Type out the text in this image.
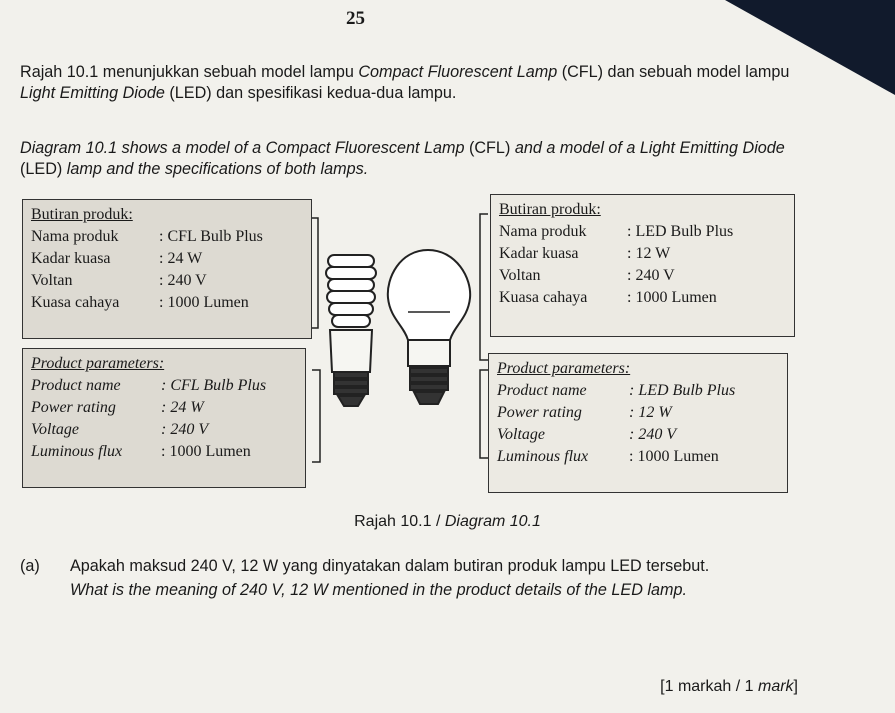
25
Rajah 10.1 menunjukkan sebuah model lampu Compact Fluorescent Lamp (CFL) dan sebuah model lampu Light Emitting Diode (LED) dan spesifikasi kedua-dua lampu.
Diagram 10.1 shows a model of a Compact Fluorescent Lamp (CFL) and a model of a Light Emitting Diode (LED) lamp and the specifications of both lamps.
Butiran produk:
Nama produk	: CFL Bulb Plus
Kadar kuasa	: 24 W
Voltan	: 240 V
Kuasa cahaya	: 1000 Lumen
Product parameters:
Product name	: CFL Bulb Plus
Power rating	: 24 W
Voltage	: 240 V
Luminous flux	: 1000 Lumen
Butiran produk:
Nama produk	: LED Bulb Plus
Kadar kuasa	: 12 W
Voltan	: 240 V
Kuasa cahaya	: 1000 Lumen
Product parameters:
Product name	: LED Bulb Plus
Power rating	: 12 W
Voltage	: 240 V
Luminous flux	: 1000 Lumen
Rajah 10.1 / Diagram 10.1
(a) Apakah maksud 240 V, 12 W yang dinyatakan dalam butiran produk lampu LED tersebut.
What is the meaning of 240 V, 12 W mentioned in the product details of the LED lamp.
[1 markah / 1 mark]
